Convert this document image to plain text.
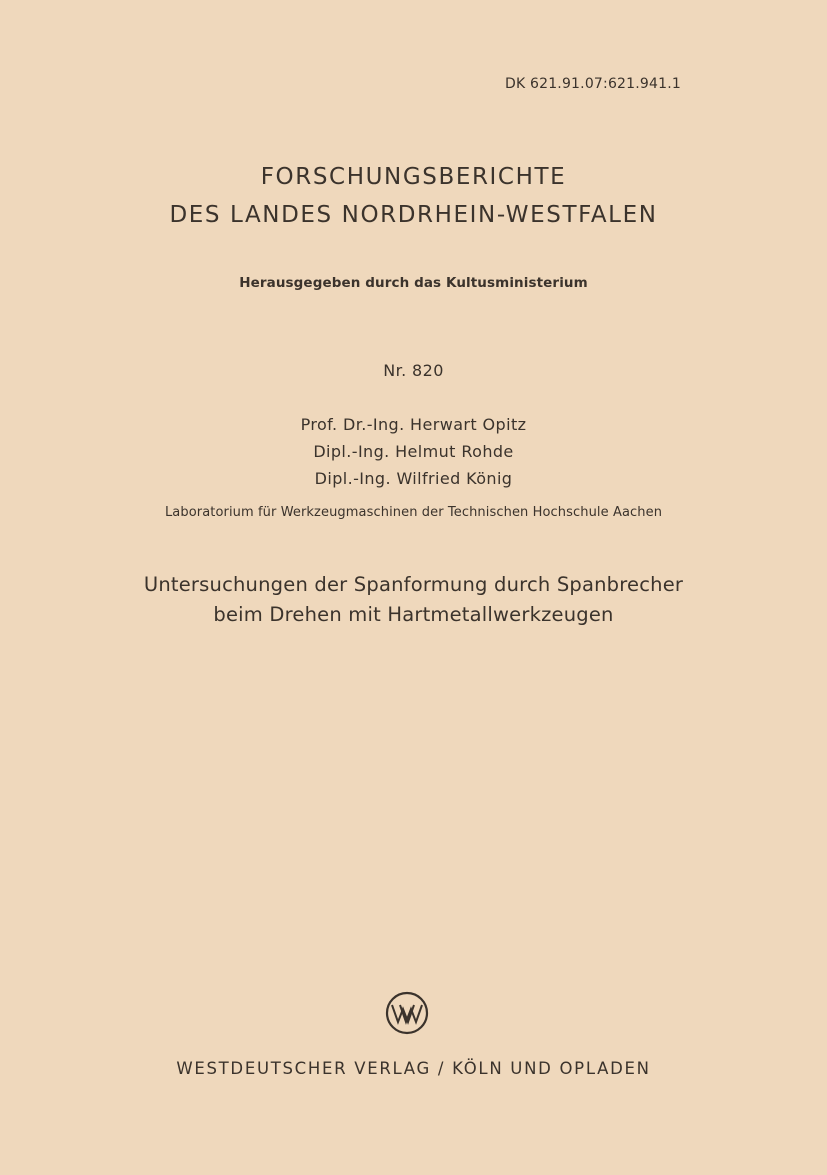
DK 621.91.07:621.941.1

FORSCHUNGSBERICHTE
DES LANDES NORDRHEIN-WESTFALEN

Herausgegeben durch das Kultusministerium

Nr. 820

Prof. Dr.-Ing. Herwart Opitz

Dipl.-Ing. Helmut Rohde

Dipl.-Ing. Wilfried König

Laboratorium für Werkzeugmaschinen der Technischen Hochschule Aachen

Untersuchungen der Spanformung durch Spanbrecher
beim Drehen mit Hartmetallwerkzeugen

WESTDEUTSCHER VERLAG / KÖLN UND OPLADEN
